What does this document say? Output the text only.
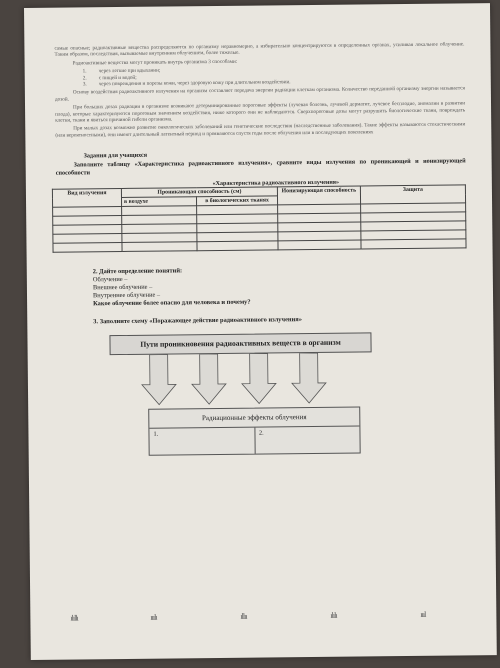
самые опасные; радиоактивные вещества распределяются по организму неравномерно, а избирательно концентрируются в определенных органах, усиливая локальное облучение. Таким образом, последствия, вызываемые внутренним облучением, более тяжелые.

Радиоактивные вещества могут проникать внутрь организма 3 способами:

1. через легкие при вдыхании;
2. с пищей и водой;
3. через повреждения и порезы кожи, через здоровую кожу при длительном воздействии.

Основу воздействия радиоактивного излучения на организм составляет передача энергии радиации клеткам организма. Количество переданной организму энергии называется дозой.

При больших дозах радиации в организме возникают детерминированные пороговые эффекты (лучевая болезнь, лучевой дерматит, лучевое бесплодие, аномалии в развитии плода), которые характеризуются пороговым значением воздействия, ниже которого они не наблюдаются. Сверхпороговые дозы могут разрушить биологические ткани, повреждать клетки, ткани и явиться причиной гибели организма.

При малых дозах возможно развитие онкологических заболеваний или генетические последствия (наследственные заболевания). Такие эффекты называются стохастическими (или вероятностными), они имеют длительный латентный период и проявляются спустя годы после облучения или в последующих поколениях

Задания для учащихся

Заполните таблицу «Характеристика радиоактивного излучения», сравните виды излучения по проникающей и ионизирующей способности

«Характеристика радиоактивного излучения»
Вид излучения	Проникающая способность (см)		Ионизирующая способность	Защита
	в воздухе	в биологических тканях		

2. Дайте определение понятий:
Облучение –
Внешнее облучение –
Внутреннее облучение –
Какое облучение более опасно для человека и почему?
3. Заполните схему «Поражающее действие радиоактивного излучения»
Пути проникновения радиоактивных веществ в организм
Радиационные эффекты облучения
1.	2.
ılıllı	ııılı	ıllıı	ılılı	ıııl
